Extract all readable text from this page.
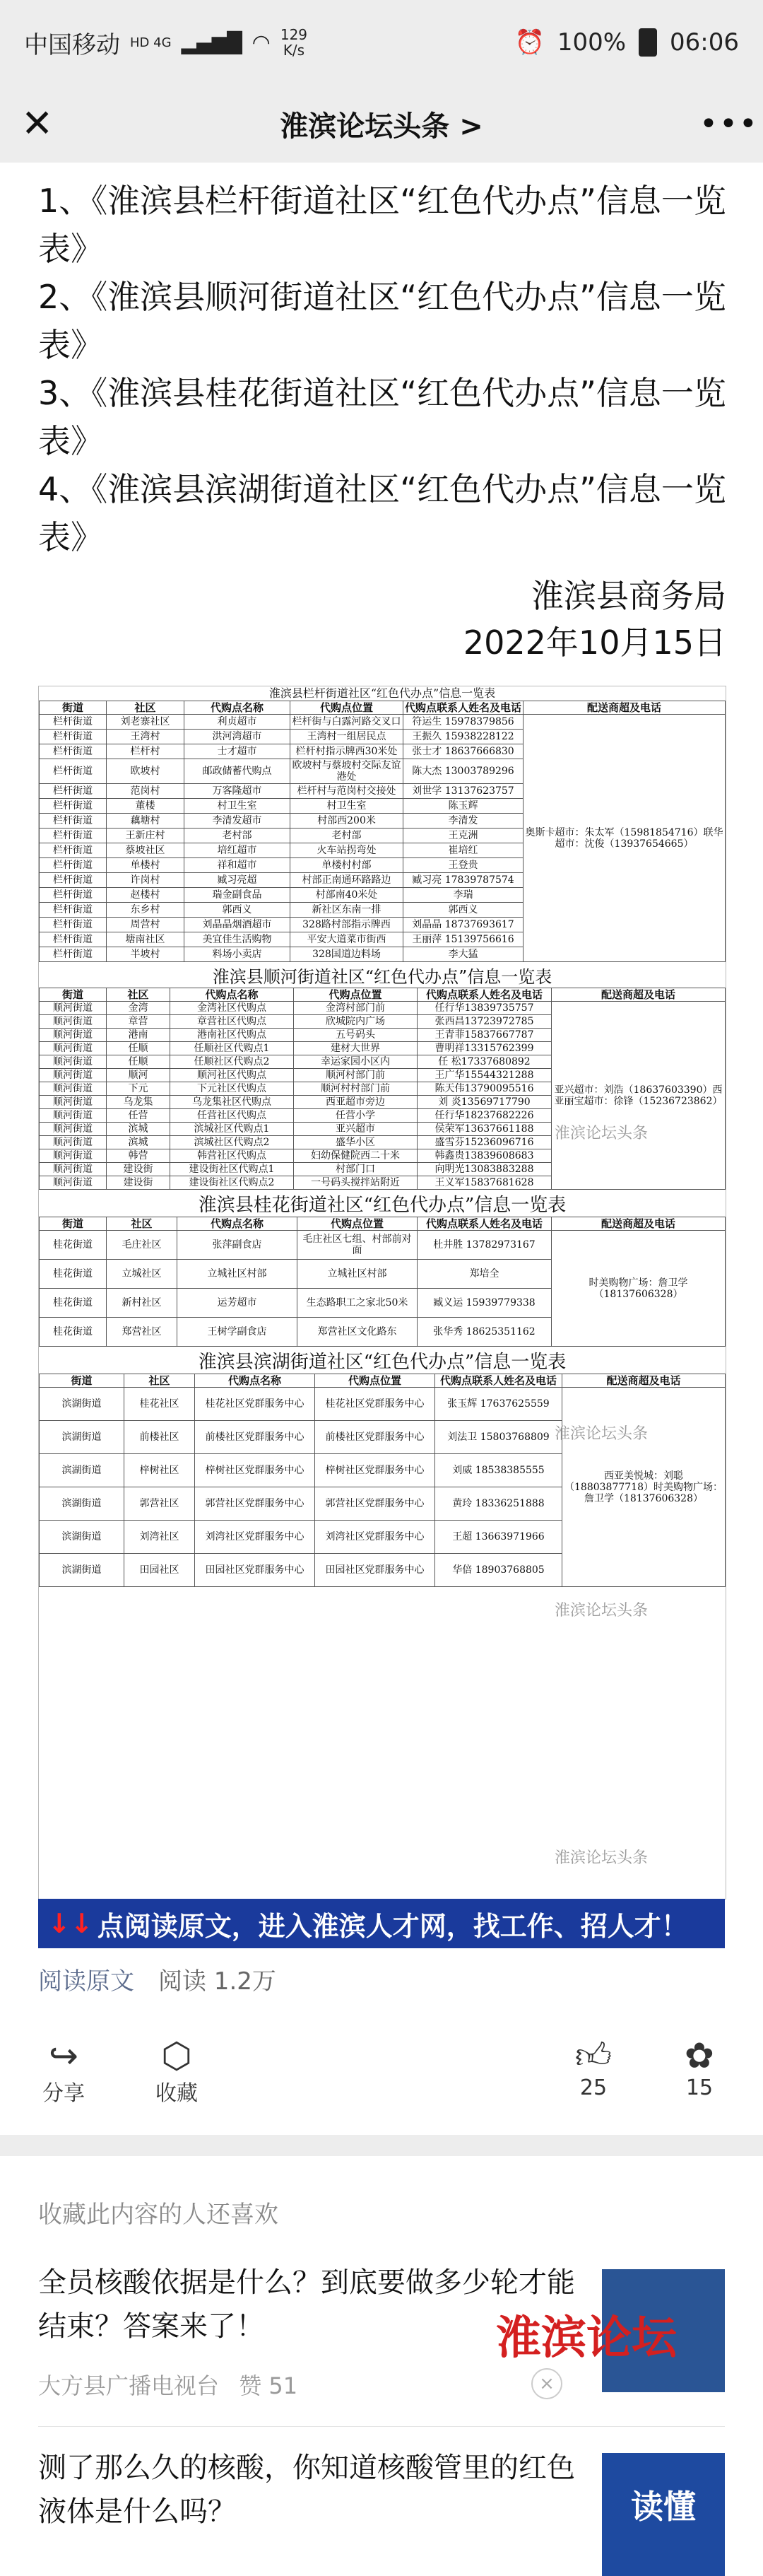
中国移动 HD 4G ▂▄▆█ ◠ 129
K/s	⏰ 100% 06:06
✕	淮滨论坛头条 >	•••

1、《淮滨县栏杆街道社区“红色代办点”信息一览表》

2、《淮滨县顺河街道社区“红色代办点”信息一览表》

3、《淮滨县桂花街道社区“红色代办点”信息一览表》

4、《淮滨县滨湖街道社区“红色代办点”信息一览表》

淮滨县商务局
2022年10月15日
淮滨县栏杆街道社区“红色代办点”信息一览表
街道	社区	代购点名称	代购点位置	代购点联系人姓名及电话	配送商超及电话
栏杆街道	刘老寨社区	利贞超市	栏杆街与白露河路交叉口	符运生 15978379856	奥斯卡超市：朱太军（15981854716）联华超市：沈俊（13937654665）
栏杆街道	王湾村	洪河湾超市	王湾村一组居民点	王振久 15938228122	
栏杆街道	栏杆村	士才超市	栏杆村指示牌西30米处	张士才 18637666830	
栏杆街道	欧坡村	邮政储蓄代购点	欧坡村与蔡坡村交际友谊港处	陈大杰 13003789296	
栏杆街道	范岗村	万客隆超市	栏杆村与范岗村交接处	刘世学 13137623757	
栏杆街道	董楼	村卫生室	村卫生室	陈玉辉	
栏杆街道	藕塘村	李清发超市	村部西200米	李清发	
栏杆街道	王新庄村	老村部	老村部	王克洲	
栏杆街道	蔡坡社区	培红超市	火车站拐弯处	崔培红	
栏杆街道	单楼村	祥和超市	单楼村村部	王登贵	
栏杆街道	许岗村	臧习亮超	村部正南通环路路边	臧习亮 17839787574	
栏杆街道	赵楼村	瑞金副食品	村部南40米处	李瑞	
栏杆街道	东乡村	郭西义	新社区东南一排	郭西义	
栏杆街道	周营村	刘晶晶烟酒超市	328路村部指示牌西	刘晶晶 18737693617	
栏杆街道	塘南社区	美宜佳生活购物	平安大道菜市街西	王丽萍 15139756616	
栏杆街道	半坡村	料场小卖店	328国道边料场	李大猛	
淮滨县顺河街道社区“红色代办点”信息一览表
街道	社区	代购点名称	代购点位置	代购点联系人姓名及电话	配送商超及电话
顺河街道	金湾	金湾社区代购点	金湾村部门前	任行华13839735757	亚兴超市：刘浩（18637603390）西亚丽宝超市：徐锋（15236723862）
顺河街道	章营	章营社区代购点	欣城院内广场	张西昌13723972785	
顺河街道	港南	港南社区代购点	五号码头	王青菲15837667787	
顺河街道	任顺	任顺社区代购点1	建材大世界	曹明祥13315762399	
顺河街道	任顺	任顺社区代购点2	幸运家园小区内	任 松17337680892	
顺河街道	顺河	顺河社区代购点	顺河村部门前	王广华15544321288	
顺河街道	下元	下元社区代购点	顺河村村部门前	陈天伟13790095516	
顺河街道	乌龙集	乌龙集社区代购点	西亚超市旁边	刘 炎13569717790	
顺河街道	任营	任营社区代购点	任营小学	任行华18237682226	
顺河街道	滨城	滨城社区代购点1	亚兴超市	侯荣军13637661188	
顺河街道	滨城	滨城社区代购点2	盛华小区	盛雪芬15236096716	
顺河街道	韩营	韩营社区代购点	妇幼保健院西二十米	韩鑫贵13839608683	
顺河街道	建设街	建设街社区代购点1	村部门口	向明光13083883288	
顺河街道	建设街	建设街社区代购点2	一号码头搅拌站附近	王义军15837681628	
淮滨县桂花街道社区“红色代办点”信息一览表
街道	社区	代购点名称	代购点位置	代购点联系人姓名及电话	配送商超及电话
桂花街道	毛庄社区	张萍副食店	毛庄社区七组、村部前对面	杜井胜 13782973167	时美购物广场：詹卫学（18137606328）
桂花街道	立城社区	立城社区村部	立城社区村部	郑培全	
桂花街道	新村社区	运芳超市	生态路职工之家北50米	臧义运 15939779338	
桂花街道	郑营社区	王树学副食店	郑营社区文化路东	张华秀 18625351162	
淮滨县滨湖街道社区“红色代办点”信息一览表
街道	社区	代购点名称	代购点位置	代购点联系人姓名及电话	配送商超及电话
滨湖街道	桂花社区	桂花社区党群服务中心	桂花社区党群服务中心	张玉辉 17637625559	西亚美悦城：刘聪（18803877718）时美购物广场：詹卫学（18137606328）
滨湖街道	前楼社区	前楼社区党群服务中心	前楼社区党群服务中心	刘法卫 15803768809	
滨湖街道	梓树社区	梓树社区党群服务中心	梓树社区党群服务中心	刘威 18538385555	
滨湖街道	郭营社区	郭营社区党群服务中心	郭营社区党群服务中心	黄玲 18336251888	
滨湖街道	刘湾社区	刘湾社区党群服务中心	刘湾社区党群服务中心	王超 13663971966	
滨湖街道	田园社区	田园社区党群服务中心	田园社区党群服务中心	华倍 18903768805	
淮滨论坛头条
淮滨论坛头条
淮滨论坛头条
淮滨论坛头条
↓↓ 点阅读原文，进入淮滨人才网，找工作、招人才！
阅读原文 阅读 1.2万
↪
分享
⬡
收藏
👍︎
25
✿
15
收藏此内容的人还喜欢
全员核酸依据是什么？到底要做多少轮才能结束？答案来了！
大方县广播电视台 赞 51	×
淮滨论坛
测了那么久的核酸，你知道核酸管里的红色液体是什么吗？	读懂
